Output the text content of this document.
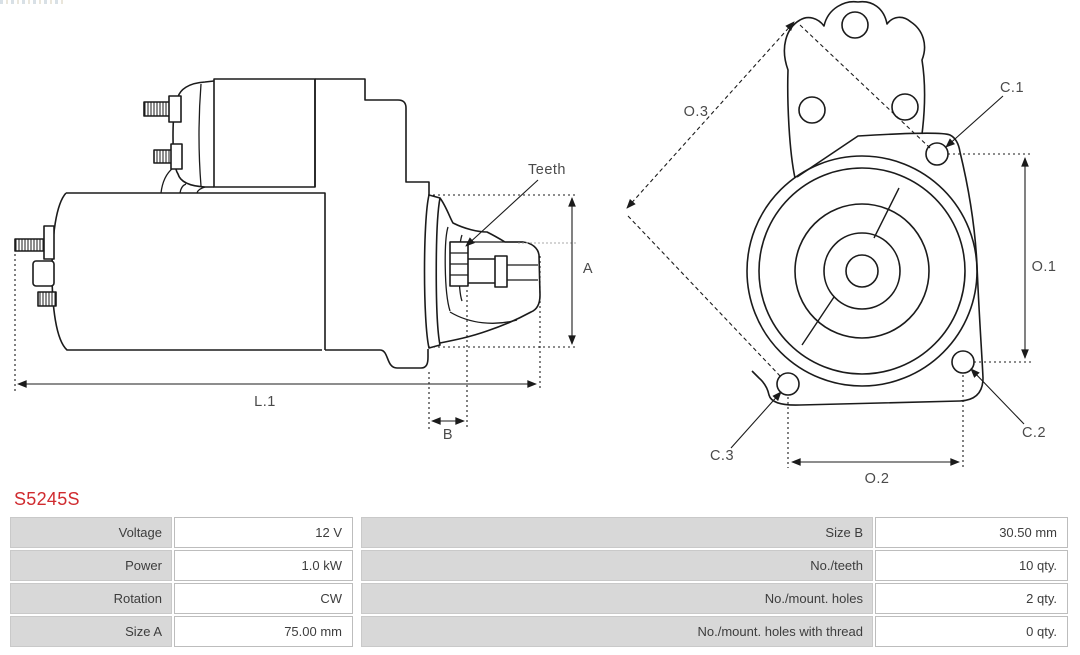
L.1
B
A
Teeth
O.3
O.1
O.2
C.1
C.2
C.3
S5245S
Voltage	12 V	Size B	30.50 mm
Power	1.0 kW	No./teeth	10 qty.
Rotation	CW	No./mount. holes	2 qty.
Size A	75.00 mm	No./mount. holes with thread	0 qty.
